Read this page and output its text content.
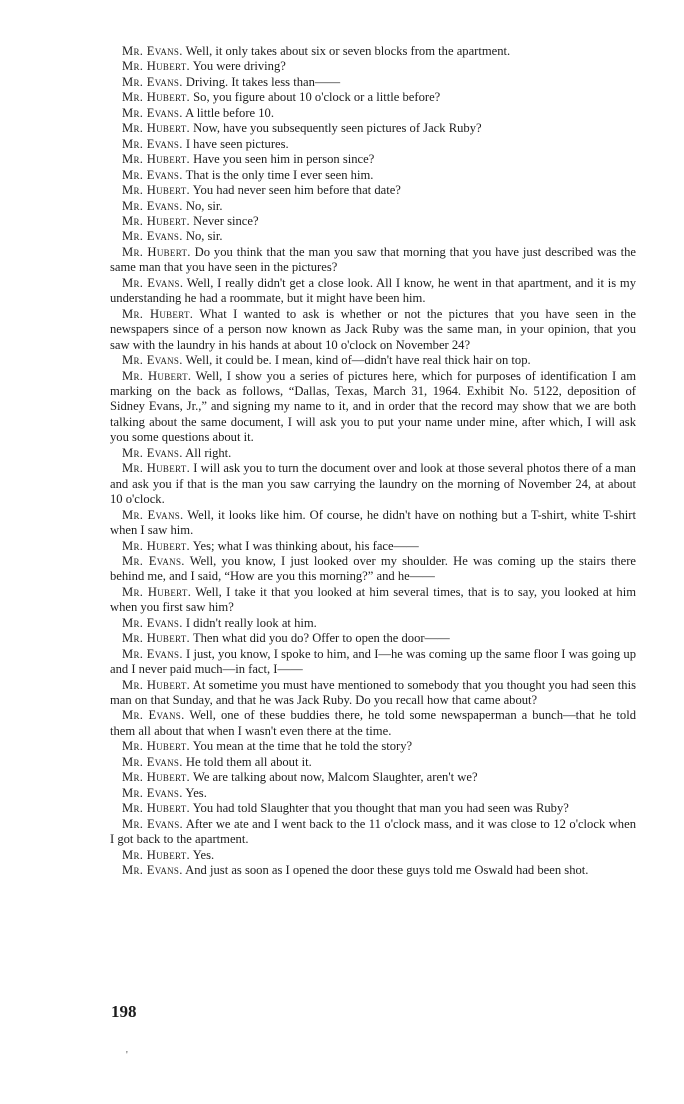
Mr. Evans. Well, it only takes about six or seven blocks from the apartment.

Mr. Hubert. You were driving?

Mr. Evans. Driving. It takes less than——

Mr. Hubert. So, you figure about 10 o'clock or a little before?

Mr. Evans. A little before 10.

Mr. Hubert. Now, have you subsequently seen pictures of Jack Ruby?

Mr. Evans. I have seen pictures.

Mr. Hubert. Have you seen him in person since?

Mr. Evans. That is the only time I ever seen him.

Mr. Hubert. You had never seen him before that date?

Mr. Evans. No, sir.

Mr. Hubert. Never since?

Mr. Evans. No, sir.

Mr. Hubert. Do you think that the man you saw that morning that you have just described was the same man that you have seen in the pictures?

Mr. Evans. Well, I really didn't get a close look. All I know, he went in that apartment, and it is my understanding he had a roommate, but it might have been him.

Mr. Hubert. What I wanted to ask is whether or not the pictures that you have seen in the newspapers since of a person now known as Jack Ruby was the same man, in your opinion, that you saw with the laundry in his hands at about 10 o'clock on November 24?

Mr. Evans. Well, it could be. I mean, kind of—didn't have real thick hair on top.

Mr. Hubert. Well, I show you a series of pictures here, which for purposes of identification I am marking on the back as follows, “Dallas, Texas, March 31, 1964. Exhibit No. 5122, deposition of Sidney Evans, Jr.,” and signing my name to it, and in order that the record may show that we are both talking about the same document, I will ask you to put your name under mine, after which, I will ask you some questions about it.

Mr. Evans. All right.

Mr. Hubert. I will ask you to turn the document over and look at those several photos there of a man and ask you if that is the man you saw carrying the laundry on the morning of November 24, at about 10 o'clock.

Mr. Evans. Well, it looks like him. Of course, he didn't have on nothing but a T-shirt, white T-shirt when I saw him.

Mr. Hubert. Yes; what I was thinking about, his face——

Mr. Evans. Well, you know, I just looked over my shoulder. He was coming up the stairs there behind me, and I said, “How are you this morning?” and he——

Mr. Hubert. Well, I take it that you looked at him several times, that is to say, you looked at him when you first saw him?

Mr. Evans. I didn't really look at him.

Mr. Hubert. Then what did you do? Offer to open the door——

Mr. Evans. I just, you know, I spoke to him, and I—he was coming up the same floor I was going up and I never paid much—in fact, I——

Mr. Hubert. At sometime you must have mentioned to somebody that you thought you had seen this man on that Sunday, and that he was Jack Ruby. Do you recall how that came about?

Mr. Evans. Well, one of these buddies there, he told some newspaperman a bunch—that he told them all about that when I wasn't even there at the time.

Mr. Hubert. You mean at the time that he told the story?

Mr. Evans. He told them all about it.

Mr. Hubert. We are talking about now, Malcom Slaughter, aren't we?

Mr. Evans. Yes.

Mr. Hubert. You had told Slaughter that you thought that man you had seen was Ruby?

Mr. Evans. After we ate and I went back to the 11 o'clock mass, and it was close to 12 o'clock when I got back to the apartment.

Mr. Hubert. Yes.

Mr. Evans. And just as soon as I opened the door these guys told me Oswald had been shot.

198
'
